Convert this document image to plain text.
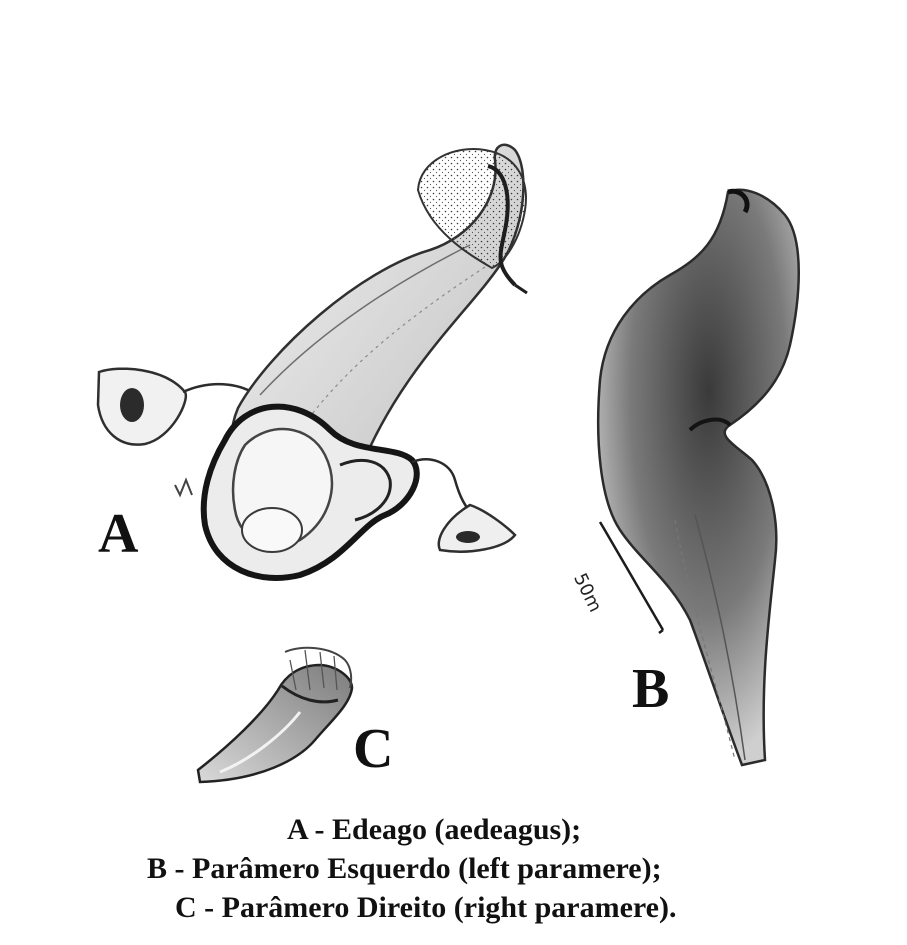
A
B
C
50m
A - Edeago (aedeagus);
B - Parâmero Esquerdo (left paramere);
C - Parâmero Direito (right paramere).
